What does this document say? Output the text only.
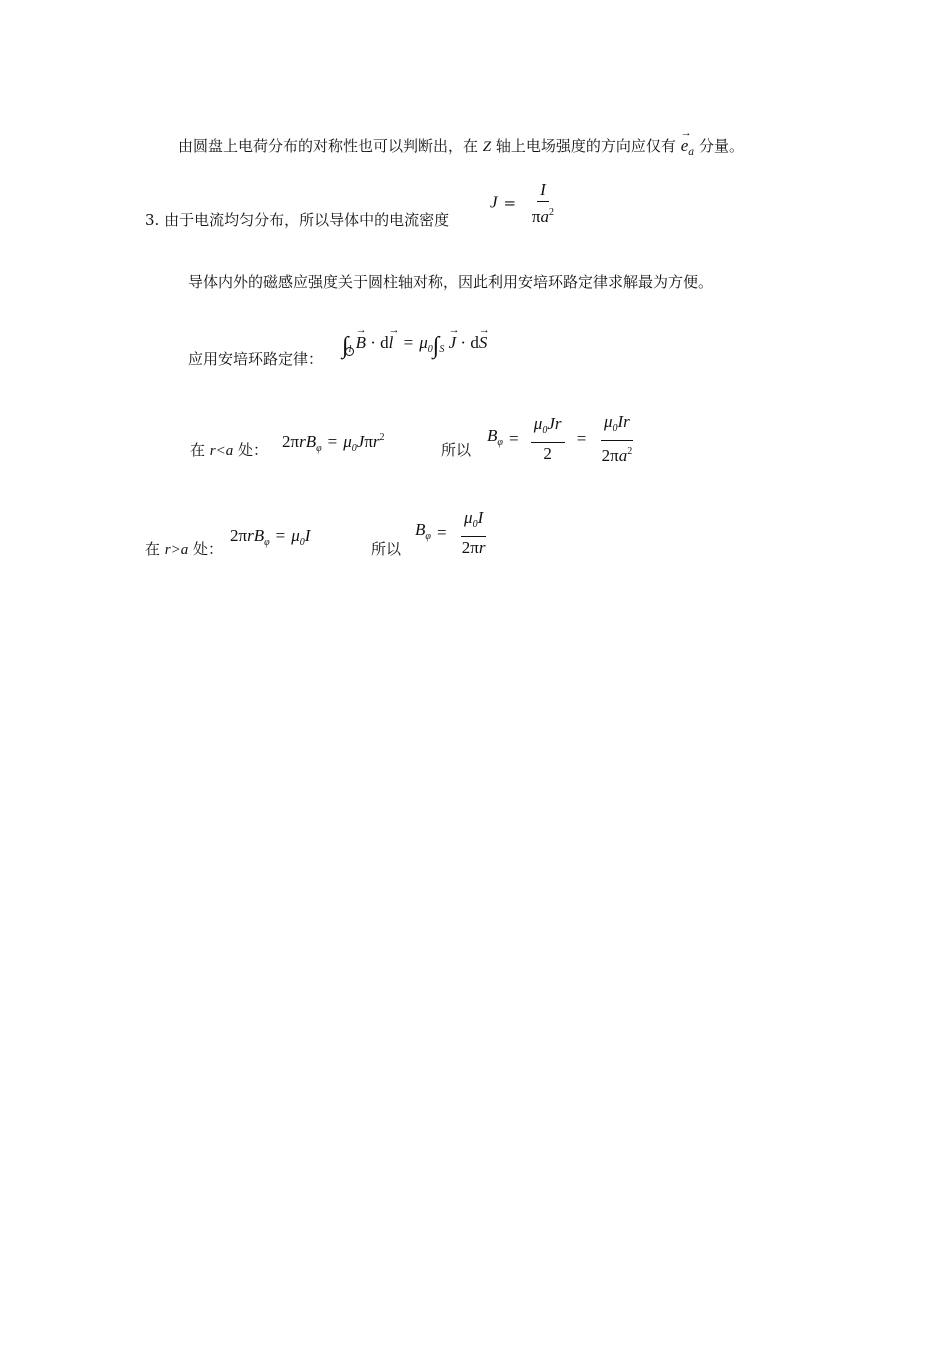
由圆盘上电荷分布的对称性也可以判断出，在 Z 轴上电场强度的方向应仅有 → $e_a$ 分量。
3. 由于电流均匀分布，所以导体中的电流密度
$J = \frac{I}{\pi a^2}$
导体内外的磁感应强度关于圆柱轴对称，因此利用安培环路定律求解最为方便。
应用安培环路定律： $\int_l \to B \cdot d\to l = \mu_0\int_S \to J \cdot d\to S$
在 r<a 处： $2\pi rB_\varphi = \mu_0J\pi r^2$
所以
$B_\varphi = \frac{\mu_0Jr}{2} = \frac{\mu_0Ir}{2\pi a^2}$
在 r>a 处：
$2\pi rB_\varphi = \mu_0I$
所以
$B_\varphi = \frac{\mu_0I}{2\pi r}$
